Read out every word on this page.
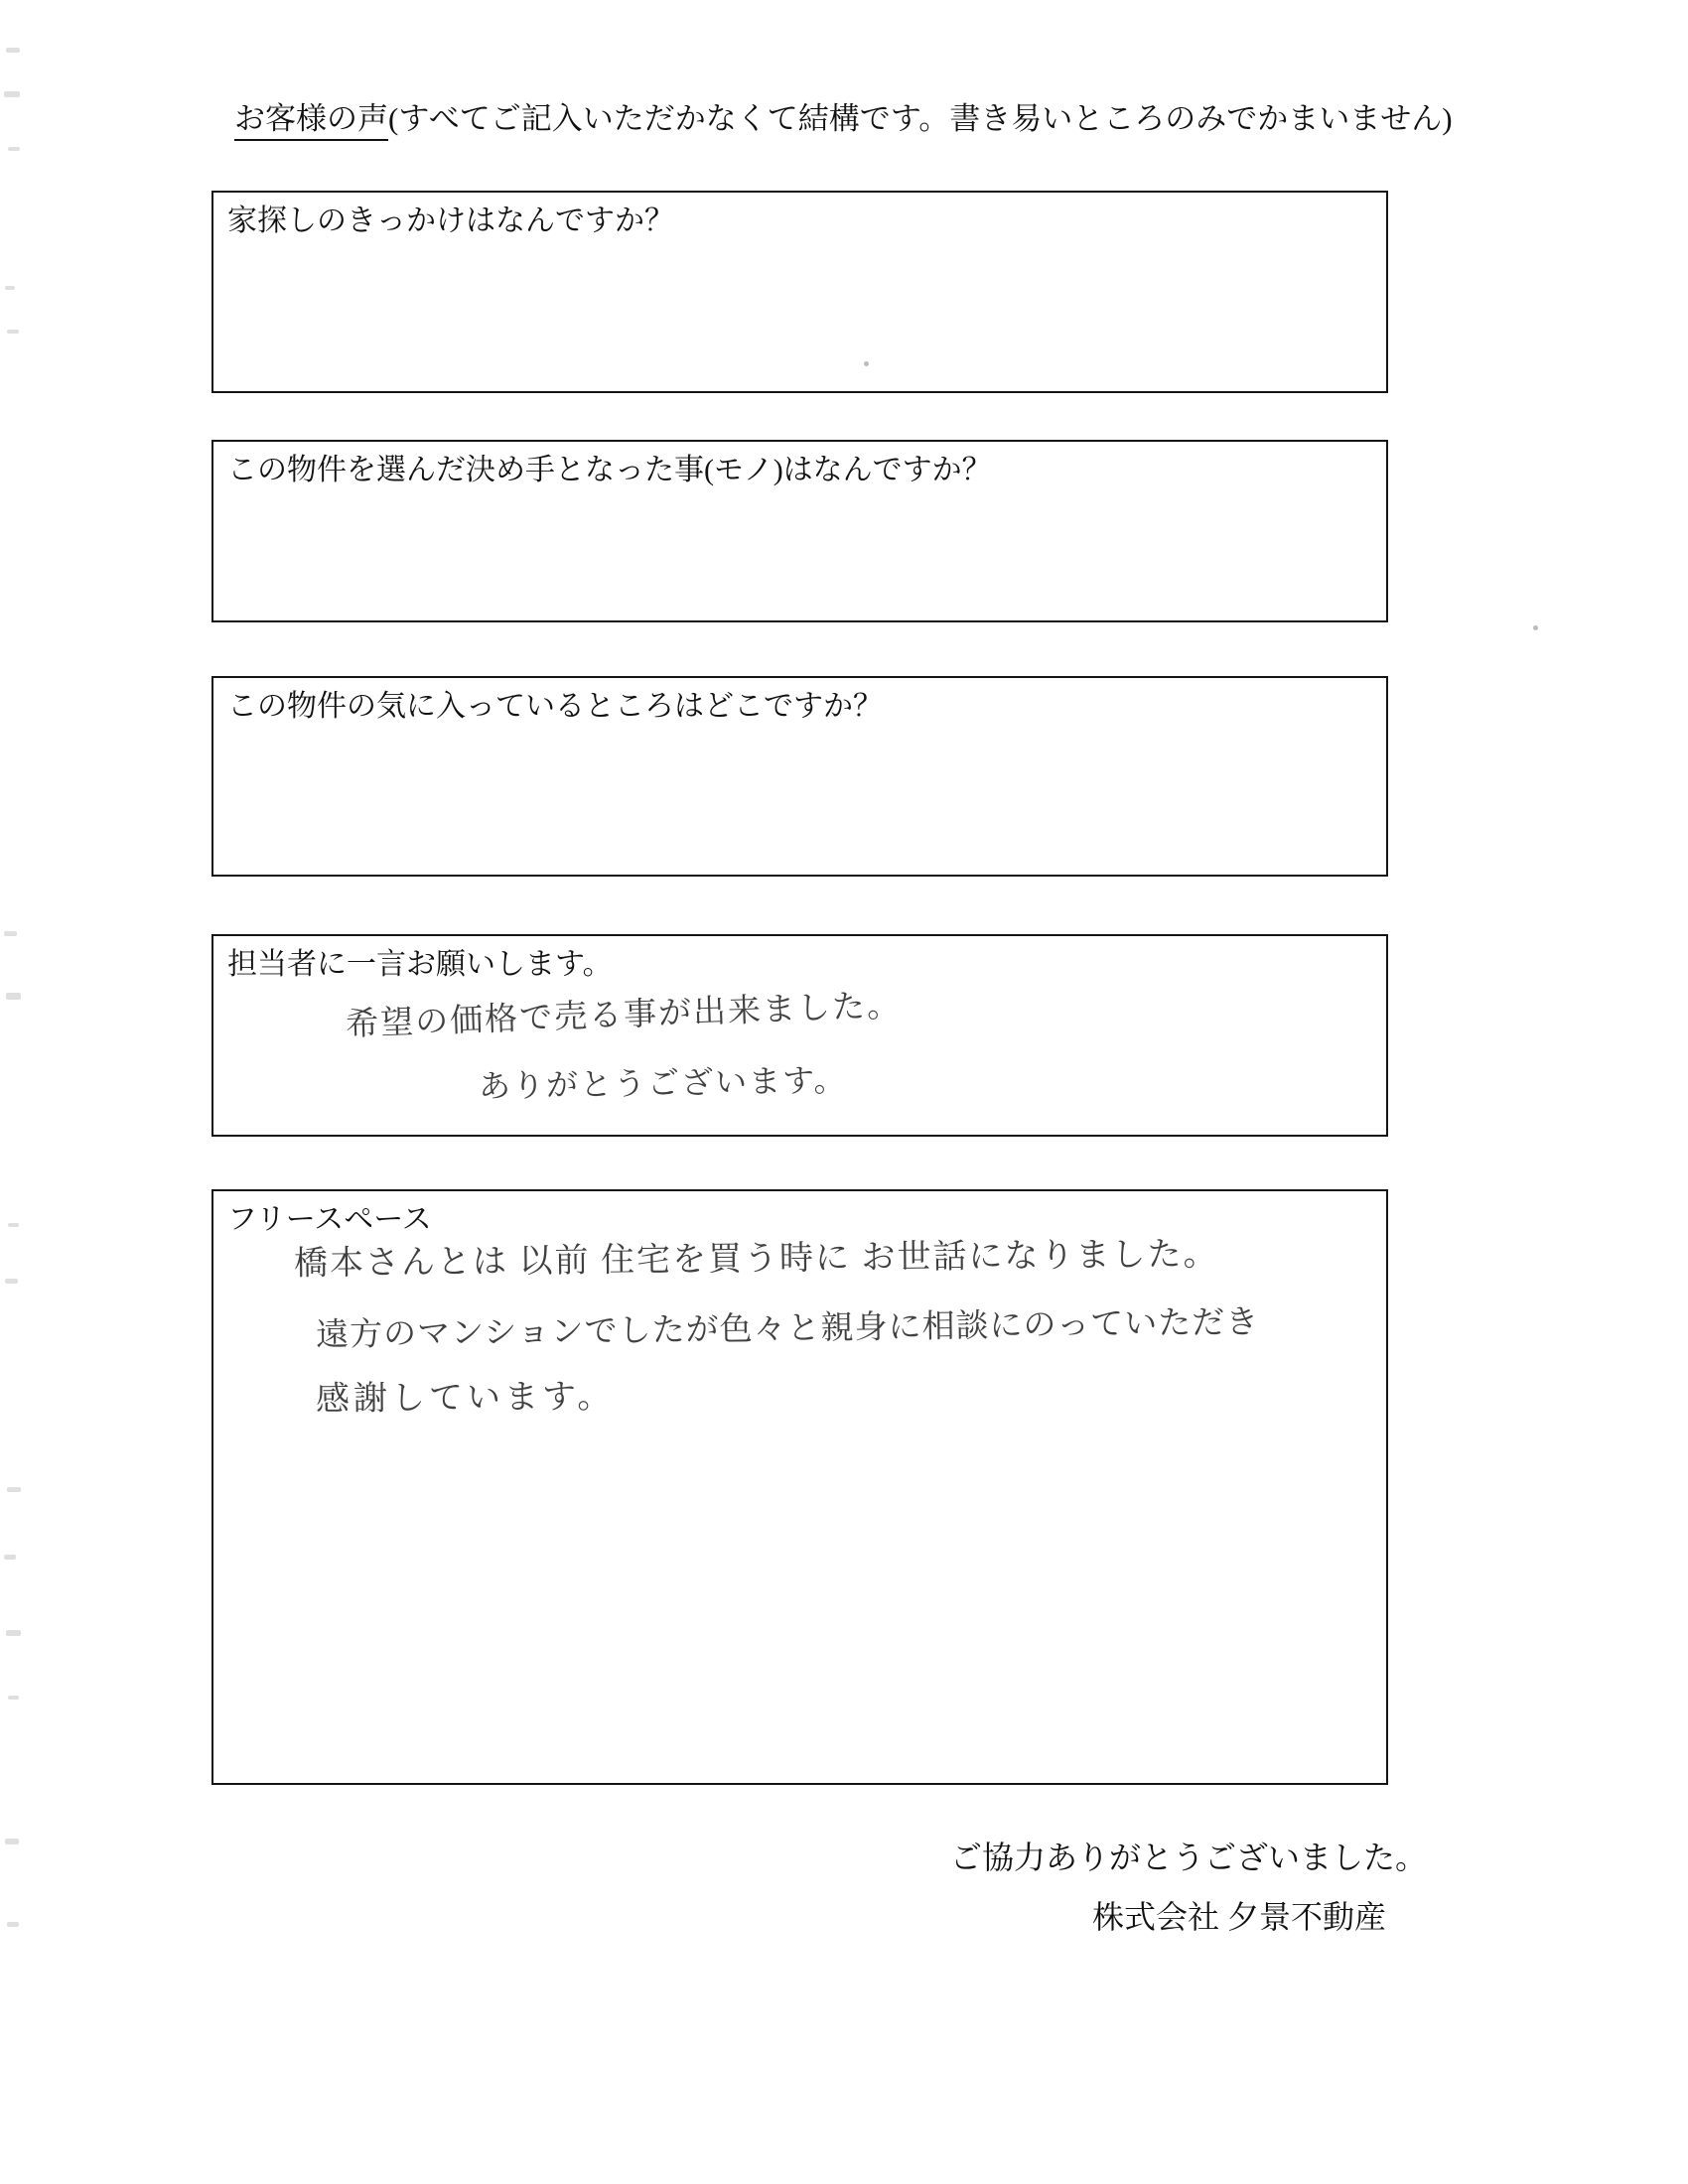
お客様の声(すべてご記入いただかなくて結構です。書き易いところのみでかまいません)
家探しのきっかけはなんですか？
この物件を選んだ決め手となった事(モノ)はなんですか？
この物件の気に入っているところはどこですか？
担当者に一言お願いします。
フリースペース
希望の価格で売る事が出来ました。
ありがとうございます。
橋本さんとは 以前 住宅を買う時に お世話になりました。
遠方のマンションでしたが色々と親身に相談にのっていただき
感謝しています。
ご協力ありがとうございました。
株式会社 夕景不動産
